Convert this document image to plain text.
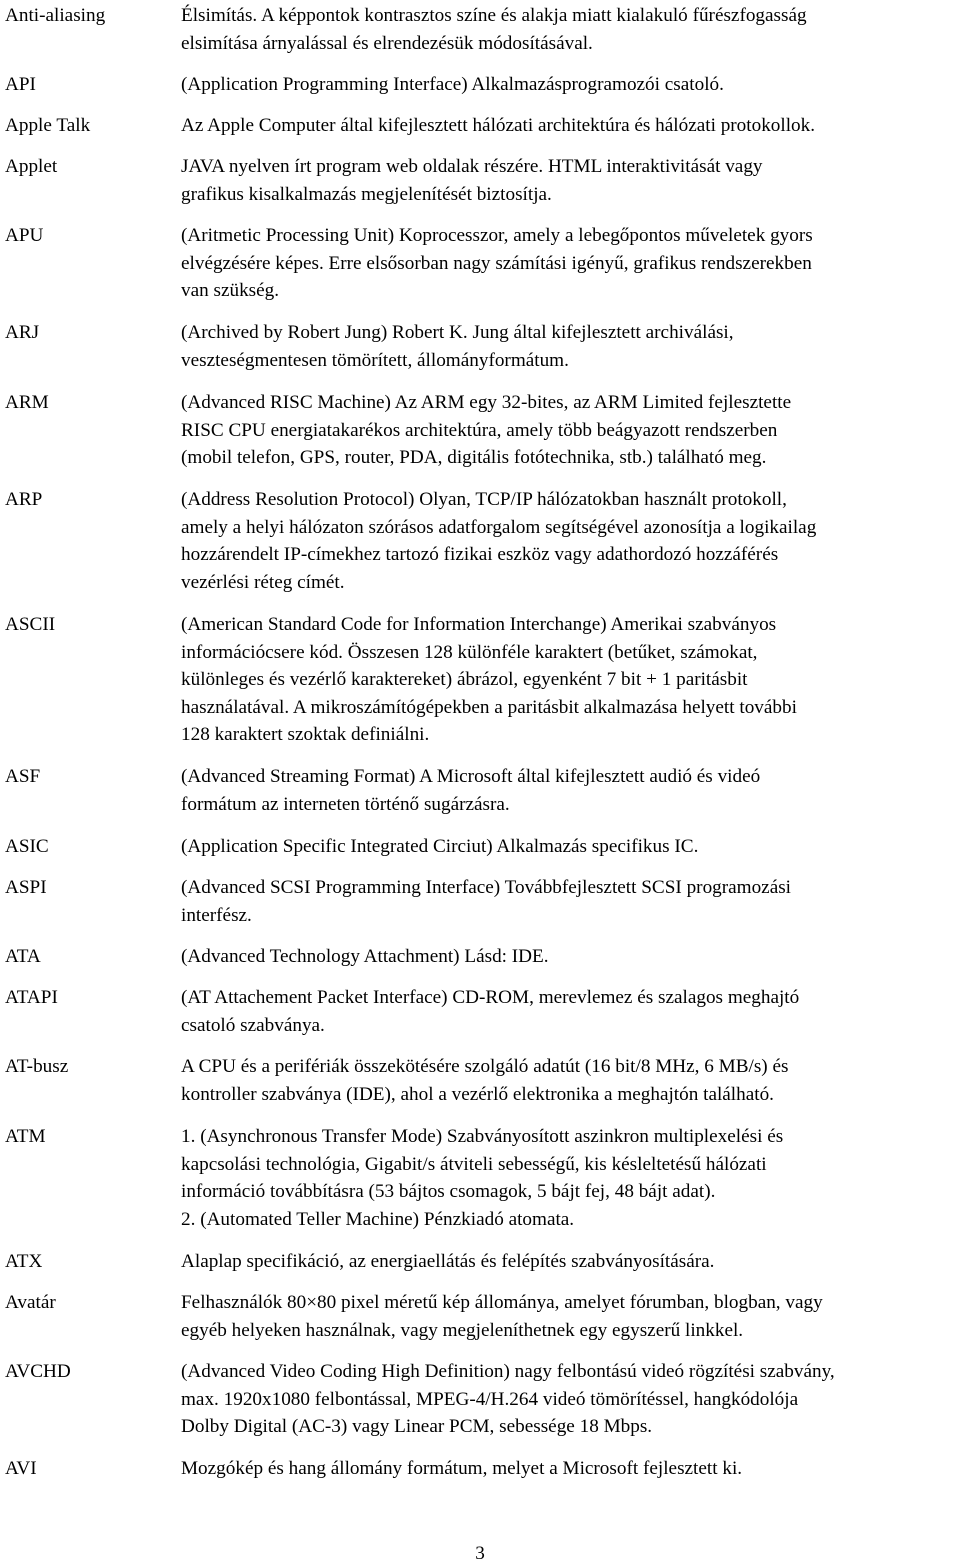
Anti-aliasing	Élsimítás. A képpontok kontrasztos színe és alakja miatt kialakuló fűrészfogasság
elsimítása árnyalással és elrendezésük módosításával.
API	(Application Programming Interface) Alkalmazásprogramozói csatoló.
Apple Talk	Az Apple Computer által kifejlesztett hálózati architektúra és hálózati protokollok.
Applet	JAVA nyelven írt program web oldalak részére. HTML interaktivitását vagy
grafikus kisalkalmazás megjelenítését biztosítja.
APU	(Aritmetic Processing Unit) Koprocesszor, amely a lebegőpontos műveletek gyors
elvégzésére képes. Erre elsősorban nagy számítási igényű, grafikus rendszerekben
van szükség.
ARJ	(Archived by Robert Jung) Robert K. Jung által kifejlesztett archiválási,
veszteségmentesen tömörített, állományformátum.
ARM	(Advanced RISC Machine) Az ARM egy 32-bites, az ARM Limited fejlesztette
RISC CPU energiatakarékos architektúra, amely több beágyazott rendszerben
(mobil telefon, GPS, router, PDA, digitális fotótechnika, stb.) található meg.
ARP	(Address Resolution Protocol) Olyan, TCP/IP hálózatokban használt protokoll,
amely a helyi hálózaton szórásos adatforgalom segítségével azonosítja a logikailag
hozzárendelt IP-címekhez tartozó fizikai eszköz vagy adathordozó hozzáférés
vezérlési réteg címét.
ASCII	(American Standard Code for Information Interchange) Amerikai szabványos
információcsere kód. Összesen 128 különféle karaktert (betűket, számokat,
különleges és vezérlő karaktereket) ábrázol, egyenként 7 bit + 1 paritásbit
használatával. A mikroszámítógépekben a paritásbit alkalmazása helyett további
128 karaktert szoktak definiálni.
ASF	(Advanced Streaming Format) A Microsoft által kifejlesztett audió és videó
formátum az interneten történő sugárzásra.
ASIC	(Application Specific Integrated Circiut) Alkalmazás specifikus IC.
ASPI	(Advanced SCSI Programming Interface) Továbbfejlesztett SCSI programozási
interfész.
ATA	(Advanced Technology Attachment) Lásd: IDE.
ATAPI	(AT Attachement Packet Interface) CD-ROM, merevlemez és szalagos meghajtó
csatoló szabványa.
AT-busz	A CPU és a perifériák összekötésére szolgáló adatút (16 bit/8 MHz, 6 MB/s) és
kontroller szabványa (IDE), ahol a vezérlő elektronika a meghajtón található.
ATM	1. (Asynchronous Transfer Mode) Szabványosított aszinkron multiplexelési és
kapcsolási technológia, Gigabit/s átviteli sebességű, kis késleltetésű hálózati
információ továbbításra (53 bájtos csomagok, 5 bájt fej, 48 bájt adat).
2. (Automated Teller Machine) Pénzkiadó atomata.
ATX	Alaplap specifikáció, az energiaellátás és felépítés szabványosítására.
Avatár	Felhasználók 80×80 pixel méretű kép állománya, amelyet fórumban, blogban, vagy
egyéb helyeken használnak, vagy megjeleníthetnek egy egyszerű linkkel.
AVCHD	(Advanced Video Coding High Definition) nagy felbontású videó rögzítési szabvány,
max. 1920x1080 felbontással, MPEG-4/H.264 videó tömörítéssel, hangkódolója
Dolby Digital (AC-3) vagy Linear PCM, sebessége 18 Mbps.
AVI	Mozgókép és hang állomány formátum, melyet a Microsoft fejlesztett ki.
3
